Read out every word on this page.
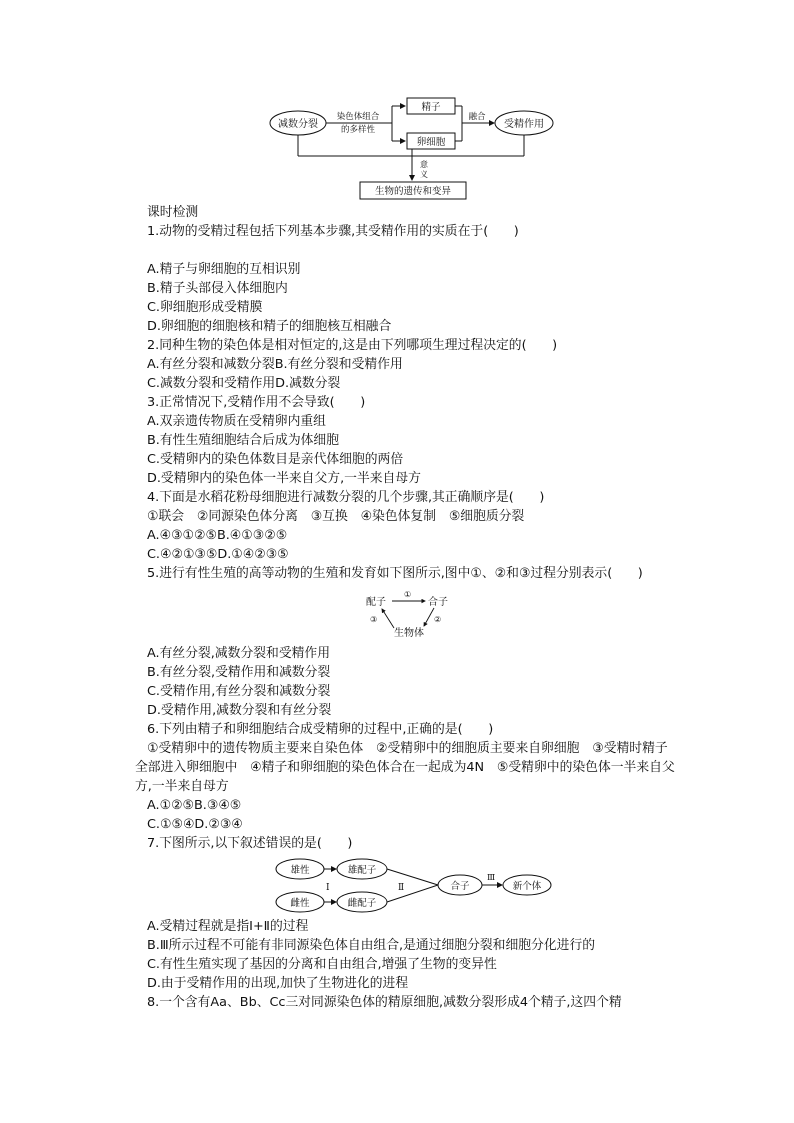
减数分裂
染色体组合
的多样性
精子
卵细胞
融合
受精作用
意
义
生物的遗传和变异
课时检测
1.动物的受精过程包括下列基本步骤,其受精作用的实质在于(　　)
A.精子与卵细胞的互相识别
B.精子头部侵入体细胞内
C.卵细胞形成受精膜
D.卵细胞的细胞核和精子的细胞核互相融合
2.同种生物的染色体是相对恒定的,这是由下列哪项生理过程决定的(　　)
A.有丝分裂和减数分裂B.有丝分裂和受精作用
C.减数分裂和受精作用D.减数分裂
3.正常情况下,受精作用不会导致(　　)
A.双亲遗传物质在受精卵内重组
B.有性生殖细胞结合后成为体细胞
C.受精卵内的染色体数目是亲代体细胞的两倍
D.受精卵内的染色体一半来自父方,一半来自母方
4.下面是水稻花粉母细胞进行减数分裂的几个步骤,其正确顺序是(　　)
①联会　②同源染色体分离　③互换　④染色体复制　⑤细胞质分裂
A.④③①②⑤B.④①③②⑤
C.④②①③⑤D.①④②③⑤
5.进行有性生殖的高等动物的生殖和发育如下图所示,图中①、②和③过程分别表示(　　)
配子	合子
生物体
①
②
③
A.有丝分裂,减数分裂和受精作用
B.有丝分裂,受精作用和减数分裂
C.受精作用,有丝分裂和减数分裂
D.受精作用,减数分裂和有丝分裂
6.下列由精子和卵细胞结合成受精卵的过程中,正确的是(　　)
①受精卵中的遗传物质主要来自染色体　②受精卵中的细胞质主要来自卵细胞　③受精时精子全部进入卵细胞中　④精子和卵细胞的染色体合在一起成为4N　⑤受精卵中的染色体一半来自父方,一半来自母方
A.①②⑤B.③④⑤
C.①⑤④D.②③④
7.下图所示,以下叙述错误的是(　　)
雄性
雌性
Ⅰ
雄配子
雌配子
Ⅱ	合子
Ⅲ
新个体
A.受精过程就是指Ⅰ+Ⅱ的过程
B.Ⅲ所示过程不可能有非同源染色体自由组合,是通过细胞分裂和细胞分化进行的
C.有性生殖实现了基因的分离和自由组合,增强了生物的变异性
D.由于受精作用的出现,加快了生物进化的进程
8.一个含有Aa、Bb、Cc三对同源染色体的精原细胞,减数分裂形成4个精子,这四个精
